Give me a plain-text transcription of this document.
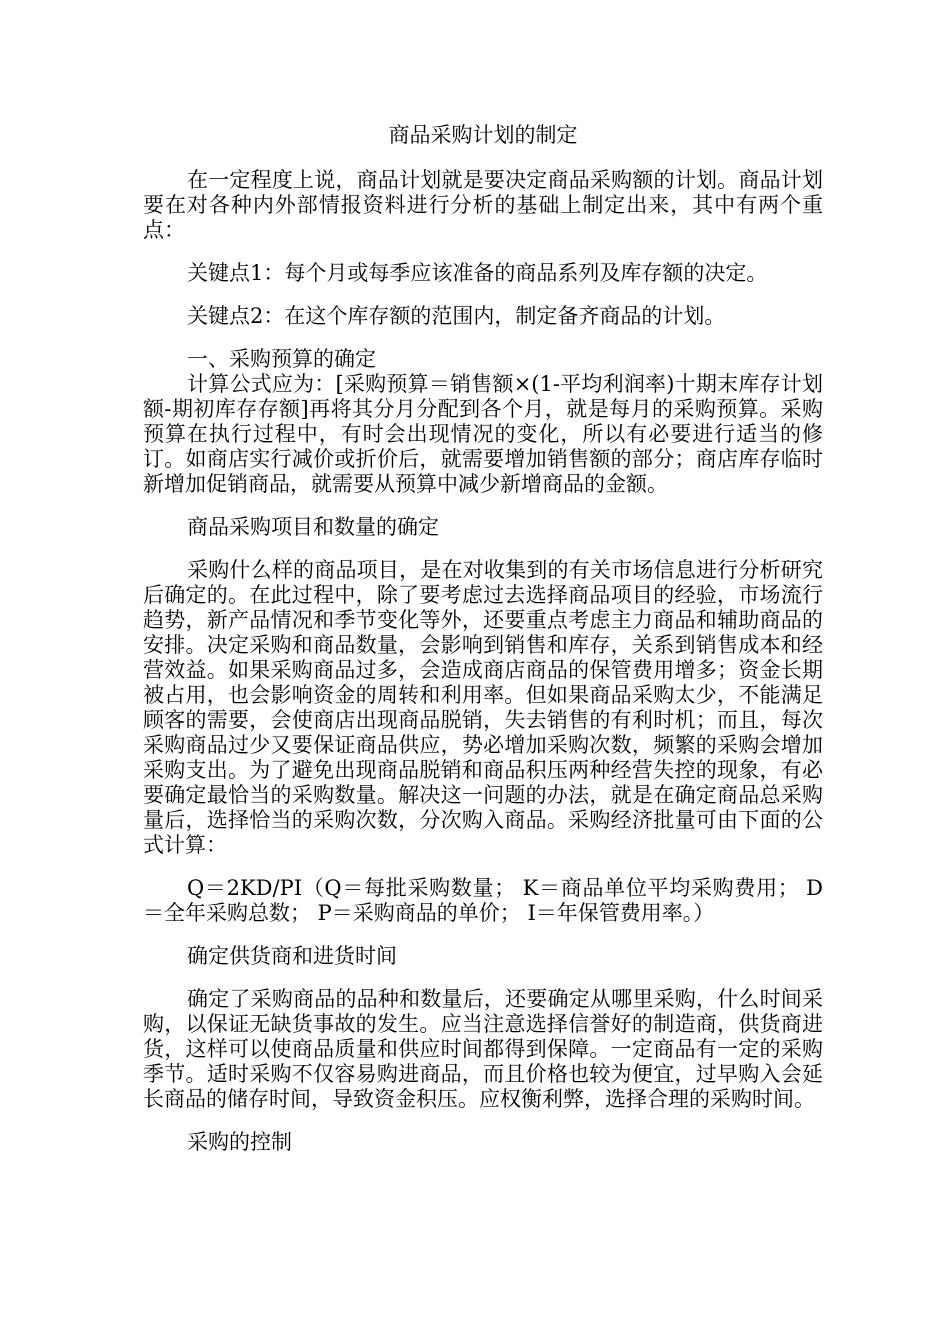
商品采购计划的制定

在一定程度上说，商品计划就是要决定商品采购额的计划。商品计划要在对各种内外部情报资料进行分析的基础上制定出来，其中有两个重点：

关键点1：每个月或每季应该准备的商品系列及库存额的决定。

关键点2：在这个库存额的范围内，制定备齐商品的计划。

一、采购预算的确定

计算公式应为：[采购预算＝销售额×(1-平均利润率)十期末库存计划额-期初库存存额]再将其分月分配到各个月，就是每月的采购预算。采购预算在执行过程中，有时会出现情况的变化，所以有必要进行适当的修订。如商店实行减价或折价后，就需要增加销售额的部分；商店库存临时新增加促销商品，就需要从预算中减少新增商品的金额。

商品采购项目和数量的确定

采购什么样的商品项目，是在对收集到的有关市场信息进行分析研究后确定的。在此过程中，除了要考虑过去选择商品项目的经验，市场流行趋势，新产品情况和季节变化等外，还要重点考虑主力商品和辅助商品的安排。决定采购和商品数量，会影响到销售和库存，关系到销售成本和经营效益。如果采购商品过多，会造成商店商品的保管费用增多；资金长期被占用，也会影响资金的周转和利用率。但如果商品采购太少，不能满足顾客的需要，会使商店出现商品脱销，失去销售的有利时机；而且，每次采购商品过少又要保证商品供应，势必增加采购次数，频繁的采购会增加采购支出。为了避免出现商品脱销和商品积压两种经营失控的现象，有必要确定最恰当的采购数量。解决这一问题的办法，就是在确定商品总采购量后，选择恰当的采购次数，分次购入商品。采购经济批量可由下面的公式计算：

Q＝2KD/PI（Q＝每批采购数量； K＝商品单位平均采购费用； D＝全年采购总数； P＝采购商品的单价； I＝年保管费用率。）

确定供货商和进货时间

确定了采购商品的品种和数量后，还要确定从哪里采购，什么时间采购，以保证无缺货事故的发生。应当注意选择信誉好的制造商，供货商进货，这样可以使商品质量和供应时间都得到保障。一定商品有一定的采购季节。适时采购不仅容易购进商品，而且价格也较为便宜，过早购入会延长商品的储存时间，导致资金积压。应权衡利弊，选择合理的采购时间。

采购的控制
